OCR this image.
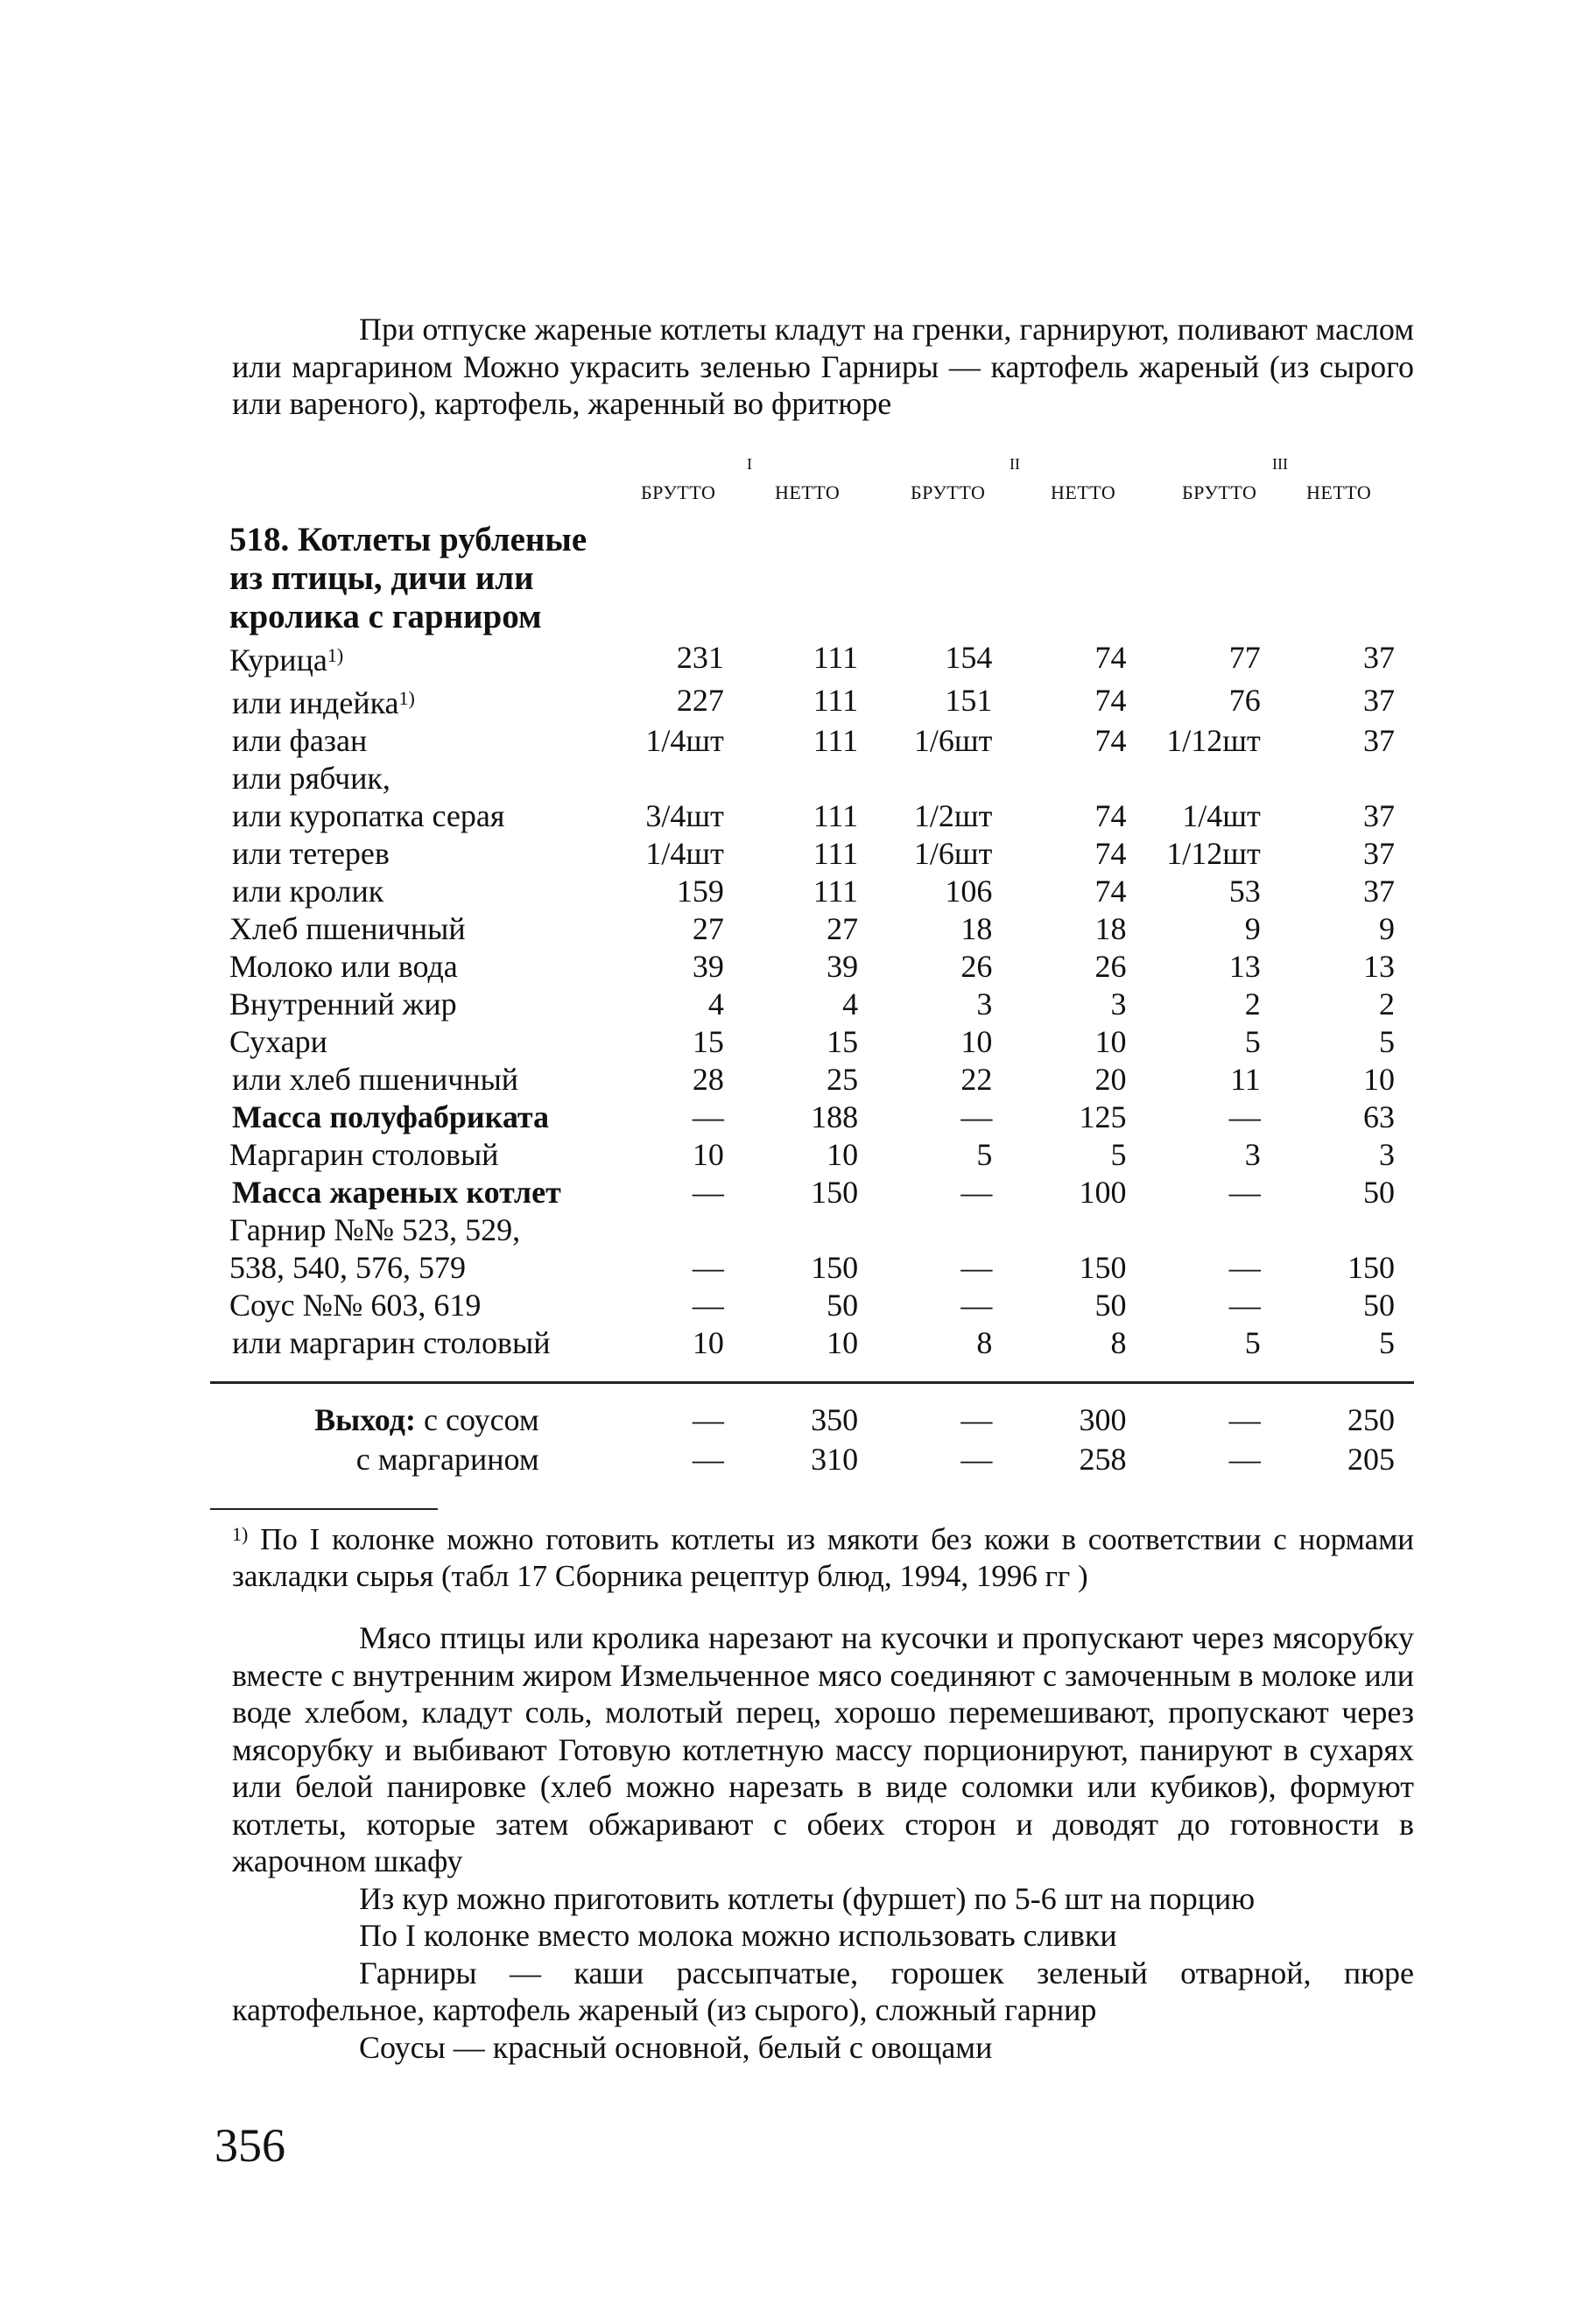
При отпуске жареные котлеты кладут на гренки, гарнируют, поливают маслом или маргарином Можно украсить зеленью Гарниры — картофель жареный (из сырого или вареного), картофель, жаренный во фритюре
I	II	III
БРУТТО	НЕТТО	БРУТТО	НЕТТО	БРУТТО	НЕТТО
518. Котлеты рубленые
из птицы, дичи или
кролика с гарниром
Курица$^{1)}$	231	111	154	74	77	37
или индейка$^{1)}$	227	111	151	74	76	37
или фазан	1/4шт	111	1/6шт	74	1/12шт	37
или рябчик,						
или куропатка серая	3/4шт	111	1/2шт	74	1/4шт	37
или тетерев	1/4шт	111	1/6шт	74	1/12шт	37
или кролик	159	111	106	74	53	37
Хлеб пшеничный	27	27	18	18	9	9
Молоко или вода	39	39	26	26	13	13
Внутренний жир	4	4	3	3	2	2
Сухари	15	15	10	10	5	5
или хлеб пшеничный	28	25	22	20	11	10
Масса полуфабриката	—	188	—	125	—	63
Маргарин столовый	10	10	5	5	3	3
Масса жареных котлет	—	150	—	100	—	50
Гарнир №№ 523, 529,						
538, 540, 576, 579	—	150	—	150	—	150
Соус №№ 603, 619	—	50	—	50	—	50
или маргарин столовый	10	10	8	8	5	5
Выход: с соусом	—	350	—	300	—	250
с маргарином	—	310	—	258	—	205
$^{1)}$ По I колонке можно готовить котлеты из мякоти без кожи в соответствии с нормами закладки сырья (табл 17 Сборника рецептур блюд, 1994, 1996 гг )
Мясо птицы или кролика нарезают на кусочки и пропускают через мясорубку вместе с внутренним жиром Измельченное мясо соединяют с замоченным в молоке или воде хлебом, кладут соль, молотый перец, хорошо перемешивают, пропускают через мясорубку и выбивают Готовую котлетную массу порционируют, панируют в сухарях или белой панировке (хлеб можно нарезать в виде соломки или кубиков), формуют котлеты, которые затем обжаривают с обеих сторон и доводят до готовности в жарочном шкафу
Из кур можно приготовить котлеты (фуршет) по 5-6 шт на порцию
По I колонке вместо молока можно использовать сливки
Гарниры — каши рассыпчатые, горошек зеленый отварной, пюре картофельное, картофель жареный (из сырого), сложный гарнир
Соусы — красный основной, белый с овощами
356
